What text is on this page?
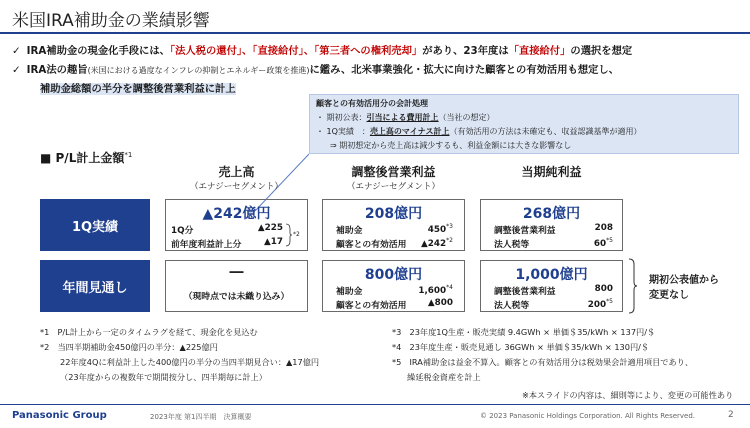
米国IRA補助金の業績影響
✓ IRA補助金の現金化手段には、「法人税の還付」、「直接給付」、「第三者への権利売却」があり、23年度は「直接給付」の選択を想定
✓ IRA法の趣旨(米国における過度なインフレの抑制とエネルギー政策を推進)に鑑み、北米事業強化・拡大に向けた顧客との有効活用も想定し、
補助金総額の半分を調整後営業利益に計上
顧客との有効活用分の会計処理
・ 期初公表：引当による費用計上（当社の想定）
・ 1Q実績　：売上高のマイナス計上（有効活用の方法は未確定も、収益認識基準が適用）
⇒ 期初想定から売上高は減少するも、利益金額には大きな影響なし
■ P/L計上金額$^{*1}$
売上高
（エナジーセグメント）
調整後営業利益
（エナジーセグメント）
当期純利益
1Q実績
年間見通し
▲242億円
1Q分	▲225
前年度利益計上分	▲17
*2
208億円
補助金	450$^{*3}$
顧客との有効活用	▲242$^{*2}$
268億円
調整後営業利益	208
法人税等	60$^{*5}$
―
（現時点では未織り込み）
800億円
補助金	1,600$^{*4}$
顧客との有効活用	▲800
1,000億円
調整後営業利益	800
法人税等	200$^{*5}$
期初公表値から
変更なし
*1　P/L計上から一定のタイムラグを経て、現金化を見込む
*2　当四半期補助金450億円の半分：▲225億円
22年度4Qに利益計上した400億円の半分の当四半期見合い：▲17億円
（23年度からの複数年で期間按分し、四半期毎に計上）
*3　23年度1Q生産・販売実績 9.4GWh × 単価＄35/kWh × 137円/＄
*4　23年度生産・販売見通し 36GWh × 単価＄35/kWh × 130円/＄
*5　IRA補助金は益金不算入。顧客との有効活用分は税効果会計適用項目であり、
繰延税金資産を計上
※本スライドの内容は、細則等により、変更の可能性あり
Panasonic Group	2023年度 第1四半期　決算概要	© 2023 Panasonic Holdings Corporation. All Rights Reserved.	2
